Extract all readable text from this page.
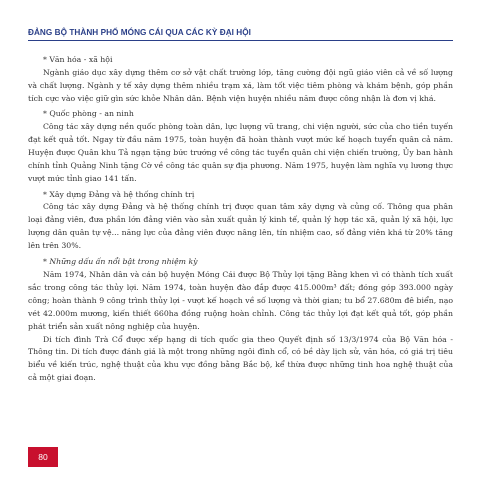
ĐẢNG BỘ THÀNH PHỐ MÓNG CÁI QUA CÁC KỲ ĐẠI HỘI

* Văn hóa - xã hội

Ngành giáo dục xây dựng thêm cơ sở vật chất trường lớp, tăng cường đội ngũ giáo viên cả về số lượng và chất lượng. Ngành y tế xây dựng thêm nhiều trạm xá, làm tốt việc tiêm phòng và khám bệnh, góp phần tích cực vào việc giữ gìn sức khỏe Nhân dân. Bệnh viện huyện nhiều năm được công nhận là đơn vị khá.

* Quốc phòng - an ninh

Công tác xây dựng nền quốc phòng toàn dân, lực lượng vũ trang, chi viện người, sức của cho tiền tuyến đạt kết quả tốt. Ngay từ đầu năm 1975, toàn huyện đã hoàn thành vượt mức kế hoạch tuyển quân cả năm. Huyện được Quân khu Tả ngạn tặng bức trướng về công tác tuyển quân chi viện chiến trường, Ủy ban hành chính tỉnh Quảng Ninh tặng Cờ về công tác quân sự địa phương. Năm 1975, huyện làm nghĩa vụ lương thực vượt mức tỉnh giao 141 tấn.

* Xây dựng Đảng và hệ thống chính trị

Công tác xây dựng Đảng và hệ thống chính trị được quan tâm xây dựng và củng cố. Thông qua phân loại đảng viên, đưa phần lớn đảng viên vào sản xuất quản lý kinh tế, quản lý hợp tác xã, quản lý xã hội, lực lượng dân quân tự vệ... năng lực của đảng viên được nâng lên, tín nhiệm cao, số đảng viên khá từ 20% tăng lên trên 30%.

* Những dấu ấn nổi bật trong nhiệm kỳ

Năm 1974, Nhân dân và cán bộ huyện Móng Cái được Bộ Thủy lợi tặng Bằng khen vì có thành tích xuất sắc trong công tác thủy lợi. Năm 1974, toàn huyện đào đắp được 415.000m³ đất; đóng góp 393.000 ngày công; hoàn thành 9 công trình thủy lợi - vượt kế hoạch về số lượng và thời gian; tu bổ 27.680m đê biển, nạo vét 42.000m mương, kiến thiết 660ha đồng ruộng hoàn chỉnh. Công tác thủy lợi đạt kết quả tốt, góp phần phát triển sản xuất nông nghiệp của huyện.

Di tích đình Trà Cổ được xếp hạng di tích quốc gia theo Quyết định số 13/3/1974 của Bộ Văn hóa - Thông tin. Di tích được đánh giá là một trong những ngôi đình cổ, có bề dày lịch sử, văn hóa, có giá trị tiêu biểu về kiến trúc, nghệ thuật của khu vực đồng bằng Bắc bộ, kể thừa được những tinh hoa nghệ thuật của cả một giai đoạn.

80
